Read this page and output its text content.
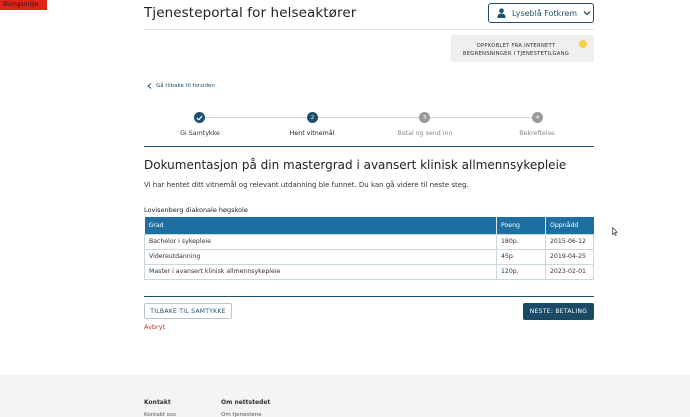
Øvingsmiljø
Tjenesteportal for helseaktører	Lyseblå Fotkrem
OPPKOBLET FRA INTERNETT
BEGRENSNINGER I TJENESTETILGANG
Gå tilbake til forsiden
Gi Samtykke
2
Hent vitnemål
3
Betal og send inn
4
Bekreftelse
Dokumentasjon på din mastergrad i avansert klinisk allmennsykepleie
Vi har hentet ditt vitnemål og relevant utdanning ble funnet. Du kan gå videre til neste steg.
Lovisenberg diakonale høgskole
Grad	Poeng	Oppnådd
Bachelor i sykepleie	180p.	2015-06-12
Videreutdanning	45p.	2019-04-25
Master i avansert klinisk allmennsykepleie	120p.	2023-02-01
TILBAKE TIL SAMTYKKE
Avbryt
NESTE: BETALING
Kontakt
Kontakt oss
Om nettstedet
Om tjenestene
